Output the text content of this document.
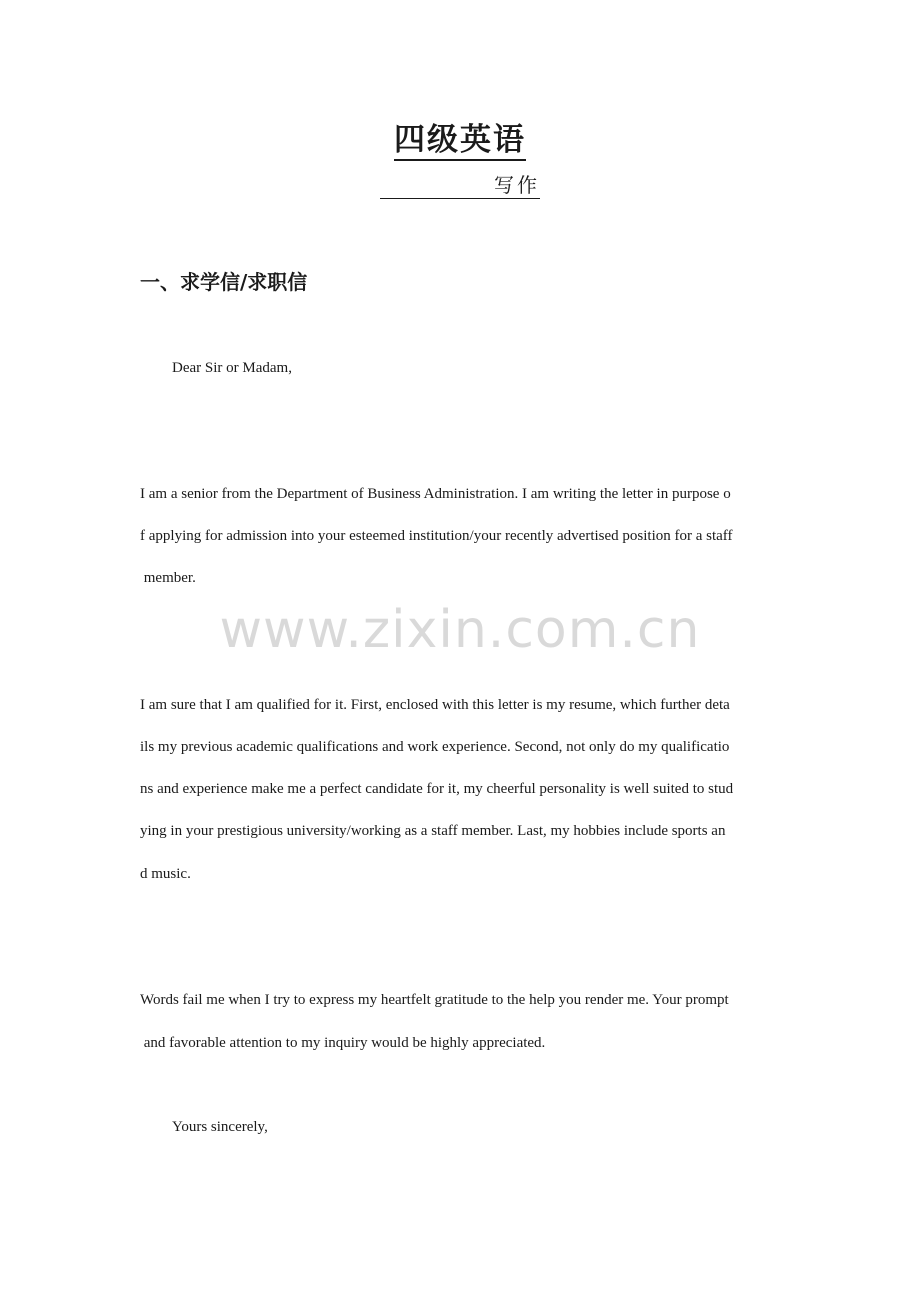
四级英语
写作
一、求学信/求职信
Dear Sir or Madam,
I am a senior from the Department of Business Administration. I am writing the letter in purpose o
f applying for admission into your esteemed institution/your recently advertised position for a staff
member.
www.zixin.com.cn
I am sure that I am qualified for it. First, enclosed with this letter is my resume, which further deta
ils my previous academic qualifications and work experience. Second, not only do my qualificatio
ns and experience make me a perfect candidate for it, my cheerful personality is well suited to stud
ying in your prestigious university/working as a staff member. Last, my hobbies include sports an
d music.
Words fail me when I try to express my heartfelt gratitude to the help you render me. Your prompt
and favorable attention to my inquiry would be highly appreciated.
Yours sincerely,
